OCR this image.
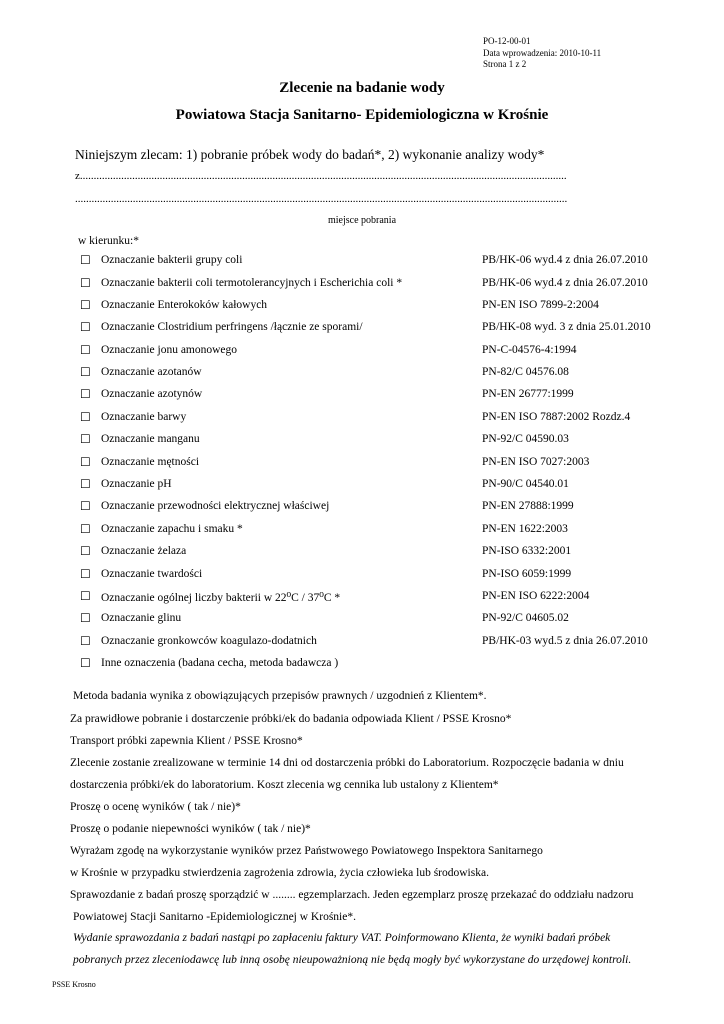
PO-12-00-01
Data wprowadzenia: 2010-10-11
Strona 1 z 2
Zlecenie na badanie wody
Powiatowa Stacja Sanitarno- Epidemiologiczna w Krośnie
Niniejszym zlecam: 1) pobranie próbek wody do badań*, 2) wykonanie analizy wody*
z.................................................................................................................................................................................
...................................................................................................................................................................................
miejsce pobrania
w kierunku:*
☐ Oznaczanie bakterii grupy coli	PB/HK-06 wyd.4 z dnia 26.07.2010
☐ Oznaczanie bakterii coli termotolerancyjnych i Escherichia coli *	PB/HK-06 wyd.4 z dnia 26.07.2010
☐ Oznaczanie Enterokoków kałowych	PN-EN ISO 7899-2:2004
☐ Oznaczanie Clostridium perfringens /łącznie ze sporami/	PB/HK-08 wyd. 3 z dnia 25.01.2010
☐ Oznaczanie jonu amonowego	PN-C-04576-4:1994
☐ Oznaczanie azotanów	PN-82/C 04576.08
☐ Oznaczanie azotynów	PN-EN 26777:1999
☐ Oznaczanie barwy	PN-EN ISO 7887:2002 Rozdz.4
☐ Oznaczanie manganu	PN-92/C 04590.03
☐ Oznaczanie mętności	PN-EN ISO 7027:2003
☐ Oznaczanie pH	PN-90/C 04540.01
☐ Oznaczanie przewodności elektrycznej właściwej	PN-EN 27888:1999
☐ Oznaczanie zapachu i smaku *	PN-EN 1622:2003
☐ Oznaczanie żelaza	PN-ISO 6332:2001
☐ Oznaczanie twardości	PN-ISO 6059:1999
☐ Oznaczanie ogólnej liczby bakterii w 22⁰C / 37⁰C *	PN-EN ISO 6222:2004
☐ Oznaczanie glinu	PN-92/C 04605.02
☐ Oznaczanie gronkowców koagulazo-dodatnich	PB/HK-03 wyd.5 z dnia 26.07.2010
☐ Inne oznaczenia (badana cecha, metoda badawcza )
Metoda badania wynika z obowiązujących przepisów prawnych / uzgodnień z Klientem*.
Za prawidłowe pobranie i dostarczenie próbki/ek do badania odpowiada Klient / PSSE Krosno*
Transport próbki zapewnia Klient / PSSE Krosno*
Zlecenie zostanie zrealizowane w terminie 14 dni od dostarczenia próbki do Laboratorium. Rozpoczęcie badania w dniu
dostarczenia próbki/ek do laboratorium. Koszt zlecenia wg cennika lub ustalony z Klientem*
Proszę o ocenę wyników ( tak / nie)*
Proszę o podanie niepewności wyników ( tak / nie)*
Wyrażam zgodę na wykorzystanie wyników przez Państwowego Powiatowego Inspektora Sanitarnego
w Krośnie w przypadku stwierdzenia zagrożenia zdrowia, życia człowieka lub środowiska.
Sprawozdanie z badań proszę sporządzić w ........ egzemplarzach. Jeden egzemplarz proszę przekazać do oddziału nadzoru
Powiatowej Stacji Sanitarno -Epidemiologicznej w Krośnie*.
Wydanie sprawozdania z badań nastąpi po zapłaceniu faktury VAT. Poinformowano Klienta, że wyniki badań próbek
pobranych przez zleceniodawcę lub inną osobę nieupoważnioną nie będą mogły być wykorzystane do urzędowej kontroli.
PSSE Krosno
